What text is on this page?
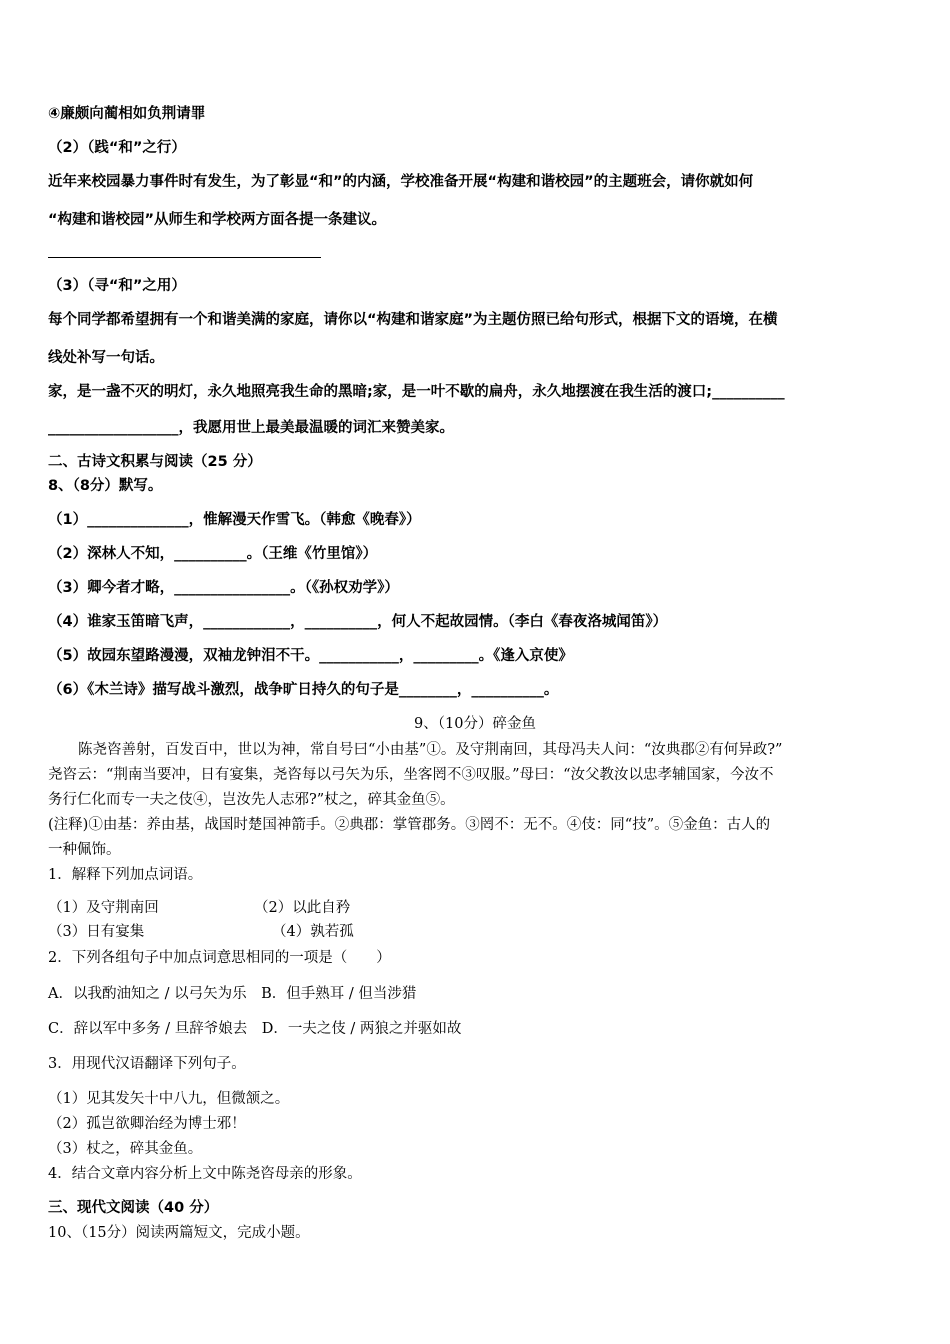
④廉颇向蔺相如负荆请罪
（2）（践“和”之行）
近年来校园暴力事件时有发生，为了彰显“和”的内涵，学校准备开展“构建和谐校园”的主题班会，请你就如何
“构建和谐校园”从师生和学校两方面各提一条建议。
（3）（寻“和”之用）
每个同学都希望拥有一个和谐美满的家庭，请你以“构建和谐家庭”为主题仿照已给句形式，根据下文的语境，在横
线处补写一句话。
家，是一盏不灭的明灯，永久地照亮我生命的黑暗;家，是一叶不歇的扁舟，永久地摆渡在我生活的渡口;__________
__________________，我愿用世上最美最温暖的词汇来赞美家。
二、古诗文积累与阅读（25 分）
8、（8分）默写。
（1）______________，惟解漫天作雪飞。（韩愈《晚春》）
（2）深林人不知，__________。（王维《竹里馆》）
（3）卿今者才略，________________。（《孙权劝学》）
（4）谁家玉笛暗飞声，____________，__________，何人不起故园情。（李白《春夜洛城闻笛》）
（5）故园东望路漫漫，双袖龙钟泪不干。___________，_________。《逢入京使》
（6）《木兰诗》描写战斗激烈，战争旷日持久的句子是________，__________。
9、（10分）碎金鱼
陈尧咨善射，百发百中，世以为神，常自号曰“小由基”①。及守荆南回，其母冯夫人问：“汝典郡②有何异政?”
尧咨云：“荆南当要冲，日有宴集，尧咨每以弓矢为乐，坐客罔不③叹服。”母曰：“汝父教汝以忠孝辅国家，今汝不
务行仁化而专一夫之伎④，岂汝先人志邪?”杖之，碎其金鱼⑤。
(注释)①由基：养由基，战国时楚国神箭手。②典郡：掌管郡务。③罔不：无不。④伎：同“技”。⑤金鱼：古人的
一种佩饰。
1．解释下列加点词语。
（1）及守荆南回	（2）以此自矜
（3）日有宴集	（4）孰若孤
2．下列各组句子中加点词意思相同的一项是（　　）
A．以我酌油知之 / 以弓矢为乐　B．但手熟耳 / 但当涉猎
C．辞以军中多务 / 旦辞爷娘去　D．一夫之伎 / 两狼之并驱如故
3．用现代汉语翻译下列句子。
（1）见其发矢十中八九，但微颔之。
（2）孤岂欲卿治经为博士邪！
（3）杖之，碎其金鱼。
4．结合文章内容分析上文中陈尧咨母亲的形象。
三、现代文阅读（40 分）
10、（15分）阅读两篇短文，完成小题。
